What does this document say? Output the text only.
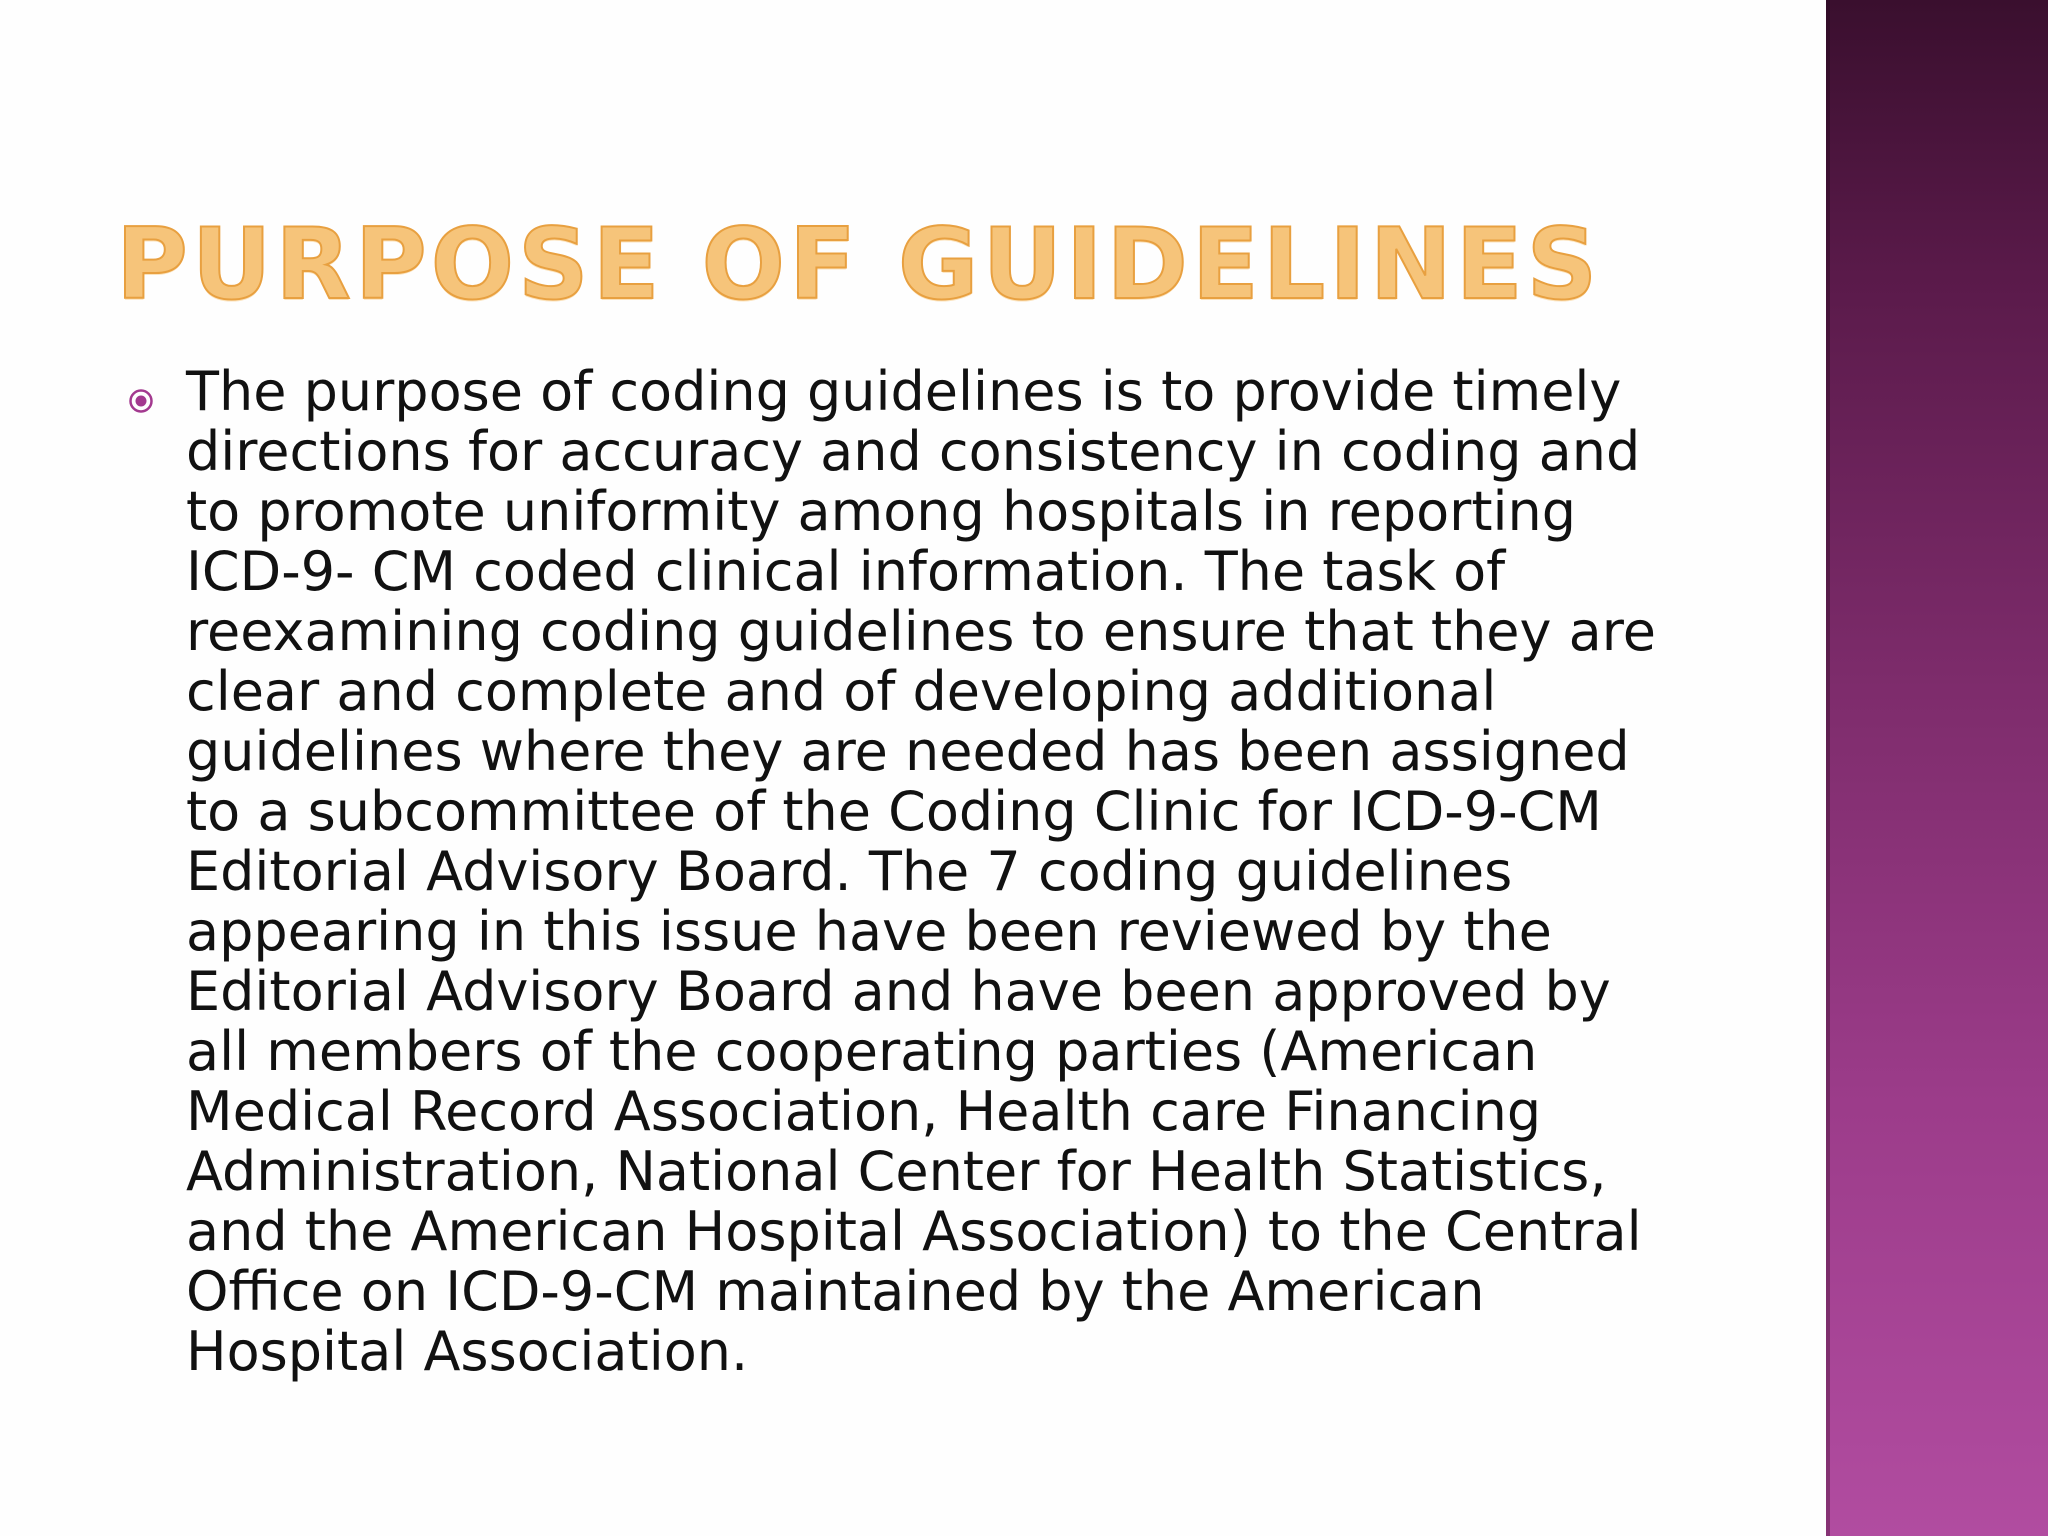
PURPOSE OF GUIDELINES

The purpose of coding guidelines is to provide timely
directions for accuracy and consistency in coding and
to promote uniformity among hospitals in reporting
ICD-9- CM coded clinical information. The task of
reexamining coding guidelines to ensure that they are
clear and complete and of developing additional
guidelines where they are needed has been assigned
to a subcommittee of the Coding Clinic for ICD-9-CM
Editorial Advisory Board. The 7 coding guidelines
appearing in this issue have been reviewed by the
Editorial Advisory Board and have been approved by
all members of the cooperating parties (American
Medical Record Association, Health care Financing
Administration, National Center for Health Statistics,
and the American Hospital Association) to the Central
Office on ICD-9-CM maintained by the American
Hospital Association.
